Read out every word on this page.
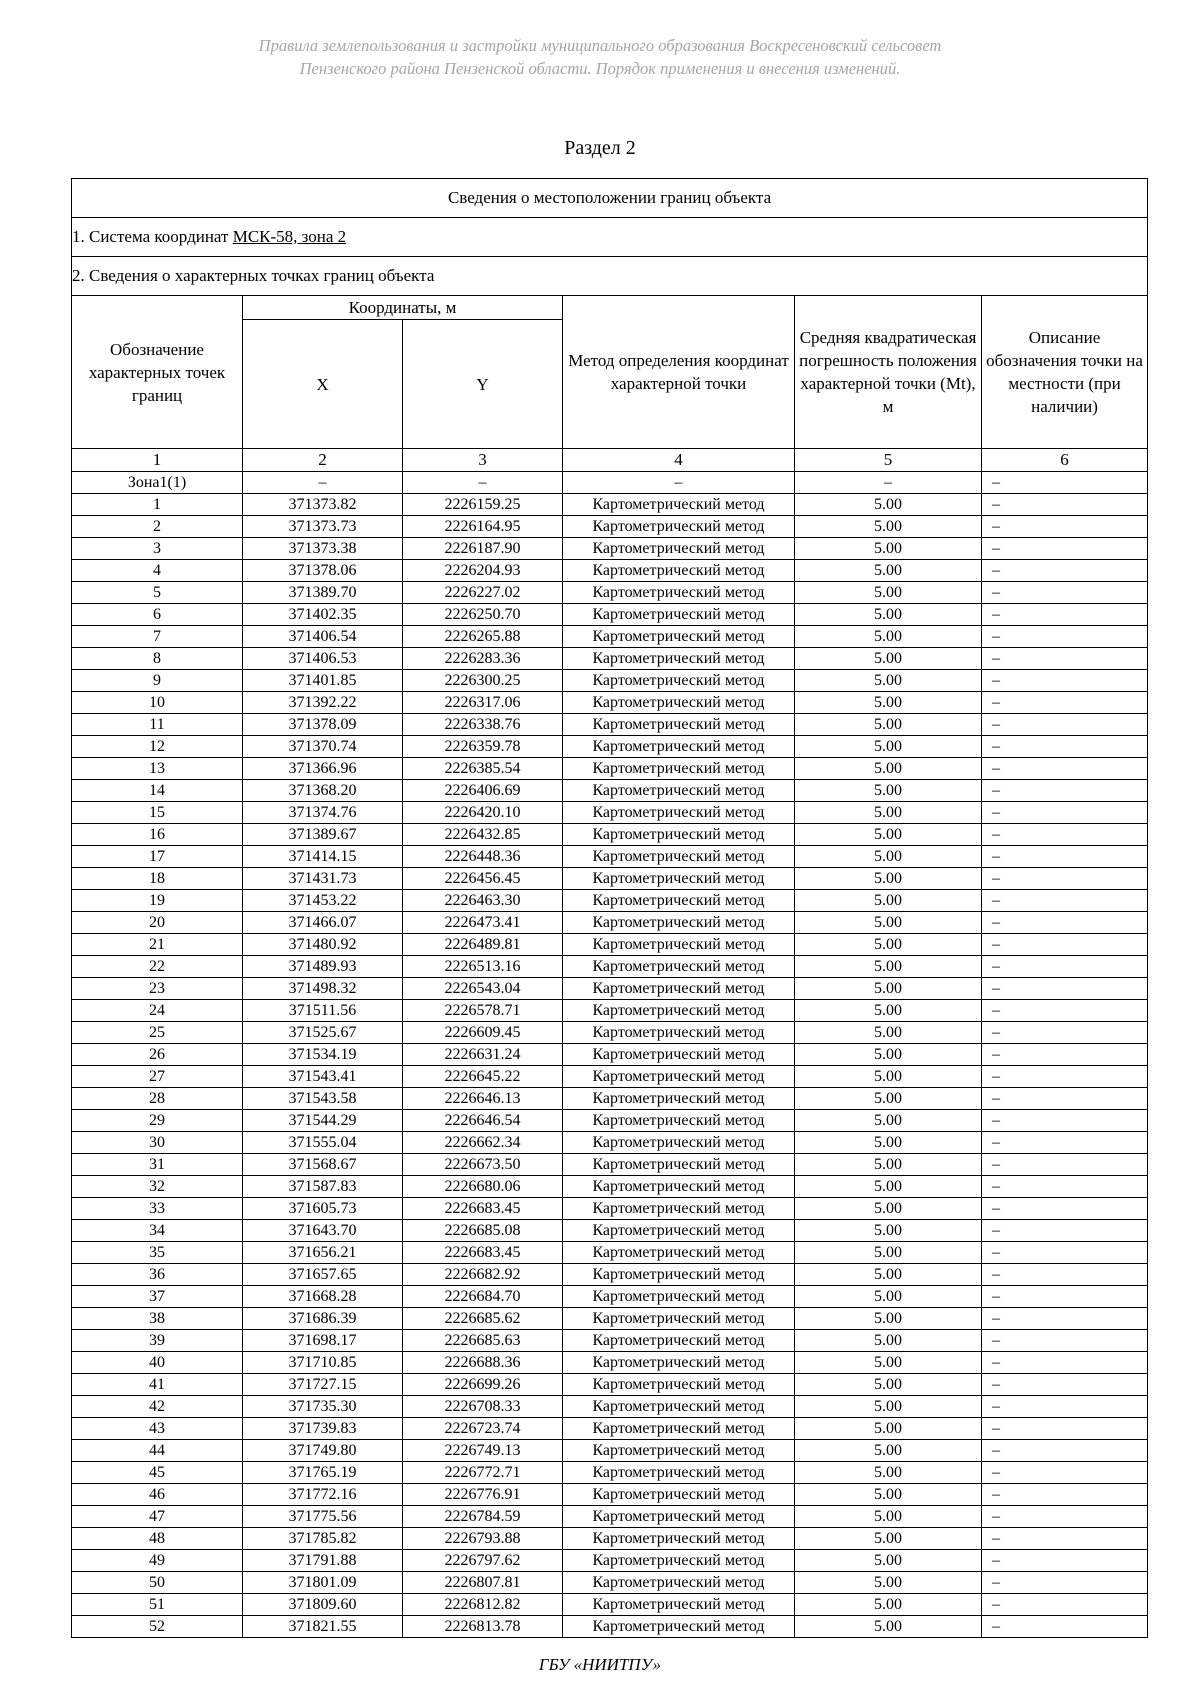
Правила землепользования и застройки муниципального образования Воскресеновский сельсовет
Пензенского района Пензенской области. Порядок применения и внесения изменений.
Раздел 2
Сведения о местоположении границ объекта					
1. Система координат МСК-58, зона 2					
2. Сведения о характерных точках границ объекта					
Обозначение характерных точек границ	Координаты, м		Метод определения координат характерной точки	Средняя квадратическая погрешность положения характерной точки (Mt), м	Описание обозначения точки на местности (при наличии)
	X	Y			
1	2	3	4	5	6
Зона1(1)	–	–	–	–	–
1	371373.82	2226159.25	Картометрический метод	5.00	–
2	371373.73	2226164.95	Картометрический метод	5.00	–
3	371373.38	2226187.90	Картометрический метод	5.00	–
4	371378.06	2226204.93	Картометрический метод	5.00	–
5	371389.70	2226227.02	Картометрический метод	5.00	–
6	371402.35	2226250.70	Картометрический метод	5.00	–
7	371406.54	2226265.88	Картометрический метод	5.00	–
8	371406.53	2226283.36	Картометрический метод	5.00	–
9	371401.85	2226300.25	Картометрический метод	5.00	–
10	371392.22	2226317.06	Картометрический метод	5.00	–
11	371378.09	2226338.76	Картометрический метод	5.00	–
12	371370.74	2226359.78	Картометрический метод	5.00	–
13	371366.96	2226385.54	Картометрический метод	5.00	–
14	371368.20	2226406.69	Картометрический метод	5.00	–
15	371374.76	2226420.10	Картометрический метод	5.00	–
16	371389.67	2226432.85	Картометрический метод	5.00	–
17	371414.15	2226448.36	Картометрический метод	5.00	–
18	371431.73	2226456.45	Картометрический метод	5.00	–
19	371453.22	2226463.30	Картометрический метод	5.00	–
20	371466.07	2226473.41	Картометрический метод	5.00	–
21	371480.92	2226489.81	Картометрический метод	5.00	–
22	371489.93	2226513.16	Картометрический метод	5.00	–
23	371498.32	2226543.04	Картометрический метод	5.00	–
24	371511.56	2226578.71	Картометрический метод	5.00	–
25	371525.67	2226609.45	Картометрический метод	5.00	–
26	371534.19	2226631.24	Картометрический метод	5.00	–
27	371543.41	2226645.22	Картометрический метод	5.00	–
28	371543.58	2226646.13	Картометрический метод	5.00	–
29	371544.29	2226646.54	Картометрический метод	5.00	–
30	371555.04	2226662.34	Картометрический метод	5.00	–
31	371568.67	2226673.50	Картометрический метод	5.00	–
32	371587.83	2226680.06	Картометрический метод	5.00	–
33	371605.73	2226683.45	Картометрический метод	5.00	–
34	371643.70	2226685.08	Картометрический метод	5.00	–
35	371656.21	2226683.45	Картометрический метод	5.00	–
36	371657.65	2226682.92	Картометрический метод	5.00	–
37	371668.28	2226684.70	Картометрический метод	5.00	–
38	371686.39	2226685.62	Картометрический метод	5.00	–
39	371698.17	2226685.63	Картометрический метод	5.00	–
40	371710.85	2226688.36	Картометрический метод	5.00	–
41	371727.15	2226699.26	Картометрический метод	5.00	–
42	371735.30	2226708.33	Картометрический метод	5.00	–
43	371739.83	2226723.74	Картометрический метод	5.00	–
44	371749.80	2226749.13	Картометрический метод	5.00	–
45	371765.19	2226772.71	Картометрический метод	5.00	–
46	371772.16	2226776.91	Картометрический метод	5.00	–
47	371775.56	2226784.59	Картометрический метод	5.00	–
48	371785.82	2226793.88	Картометрический метод	5.00	–
49	371791.88	2226797.62	Картометрический метод	5.00	–
50	371801.09	2226807.81	Картометрический метод	5.00	–
51	371809.60	2226812.82	Картометрический метод	5.00	–
52	371821.55	2226813.78	Картометрический метод	5.00	–
ГБУ «НИИТПУ»
